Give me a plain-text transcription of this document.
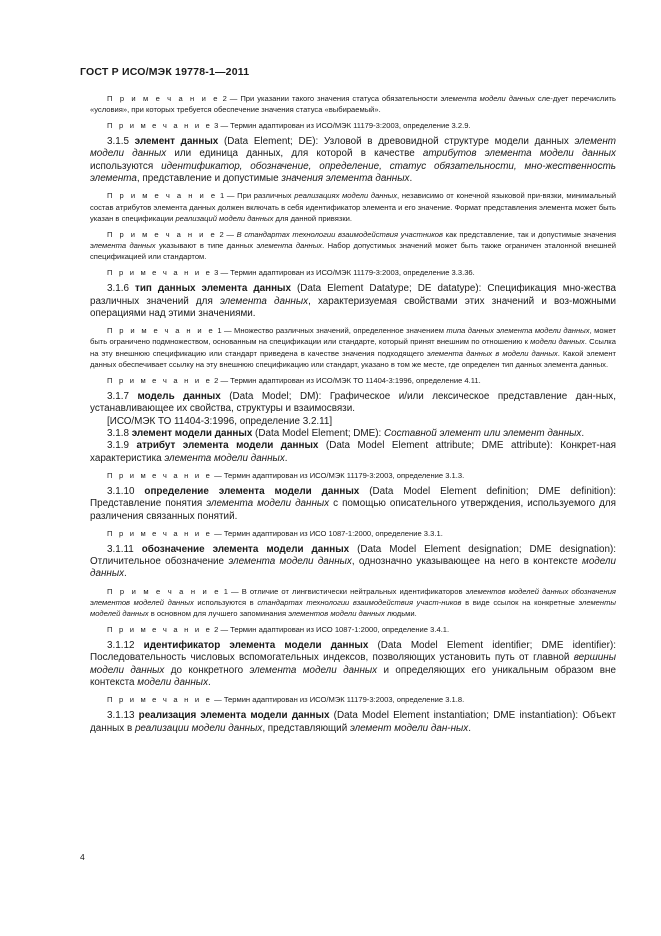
ГОСТ Р ИСО/МЭК 19778-1—2011

П р и м е ч а н и е 2 — При указании такого значения статуса обязательности элемента модели данных сле-дует перечислить «условия», при которых требуется обеспечение значения статуса «выбираемый».

П р и м е ч а н и е 3 — Термин адаптирован из ИСО/МЭК 11179-3:2003, определение 3.2.9.

3.1.5 элемент данных (Data Element; DE): Узловой в древовидной структуре модели данных элемент модели данных или единица данных, для которой в качестве атрибутов элемента модели данных используются идентификатор, обозначение, определение, статус обязательности, мно-жественность элемента, представление и допустимые значения элемента данных.

П р и м е ч а н и е 1 — При различных реализациях модели данных, независимо от конечной языковой при-вязки, минимальный состав атрибутов элемента данных должен включать в себя идентификатор элемента и его значение. Формат представления элемента может быть указан в спецификации реализаций модели данных для данной привязки.

П р и м е ч а н и е 2 — В стандартах технологии взаимодействия участников как представление, так и допустимые значения элемента данных указывают в типе данных элемента данных. Набор допустимых значений может быть также ограничен эталонной внешней спецификацией или стандартом.

П р и м е ч а н и е 3 — Термин адаптирован из ИСО/МЭК 11179-3:2003, определение 3.3.36.

3.1.6 тип данных элемента данных (Data Element Datatype; DE datatype): Спецификация мно-жества различных значений для элемента данных, характеризуемая свойствами этих значений и воз-можными операциями над этими значениями.

П р и м е ч а н и е 1 — Множество различных значений, определенное значением типа данных элемента модели данных, может быть ограничено подмножеством, основанным на спецификации или стандарте, который принят внешним по отношению к модели данных. Ссылка на эту внешнюю спецификацию или стандарт приведена в качестве значения подходящего элемента данных в модели данных. Какой элемент данных обеспечивает ссылку на эту внешнюю спецификацию или стандарт, указано в том же месте, где определен тип данных элемента данных.

П р и м е ч а н и е 2 — Термин адаптирован из ИСО/МЭК ТО 11404-3:1996, определение 4.11.

3.1.7 модель данных (Data Model; DM): Графическое и/или лексическое представление дан-ных, устанавливающее их свойства, структуры и взаимосвязи.

[ИСО/МЭК ТО 11404-3:1996, определение 3.2.11]

3.1.8 элемент модели данных (Data Model Element; DME): Составной элемент или элемент данных.

3.1.9 атрибут элемента модели данных (Data Model Element attribute; DME attribute): Конкрет-ная характеристика элемента модели данных.

П р и м е ч а н и е — Термин адаптирован из ИСО/МЭК 11179-3:2003, определение 3.1.3.

3.1.10 определение элемента модели данных (Data Model Element definition; DME definition): Представление понятия элемента модели данных с помощью описательного утверждения, используемого для различения связанных понятий.

П р и м е ч а н и е — Термин адаптирован из ИСО 1087-1:2000, определение 3.3.1.

3.1.11 обозначение элемента модели данных (Data Model Element designation; DME designation): Отличительное обозначение элемента модели данных, однозначно указывающее на него в контексте модели данных.

П р и м е ч а н и е 1 — В отличие от лингвистически нейтральных идентификаторов элементов моделей данных обозначения элементов моделей данных используются в стандартах технологии взаимодействия участ-ников в виде ссылок на конкретные элементы моделей данных в основном для лучшего запоминания элементов модели данных людьми.

П р и м е ч а н и е 2 — Термин адаптирован из ИСО 1087-1:2000, определение 3.4.1.

3.1.12 идентификатор элемента модели данных (Data Model Element identifier; DME identifier): Последовательность числовых вспомогательных индексов, позволяющих установить путь от главной вершины модели данных до конкретного элемента модели данных и определяющих его уникальным образом вне контекста модели данных.

П р и м е ч а н и е — Термин адаптирован из ИСО/МЭК 11179-3:2003, определение 3.1.8.

3.1.13 реализация элемента модели данных (Data Model Element instantiation; DME instantiation): Объект данных в реализации модели данных, представляющий элемент модели дан-ных.

4
